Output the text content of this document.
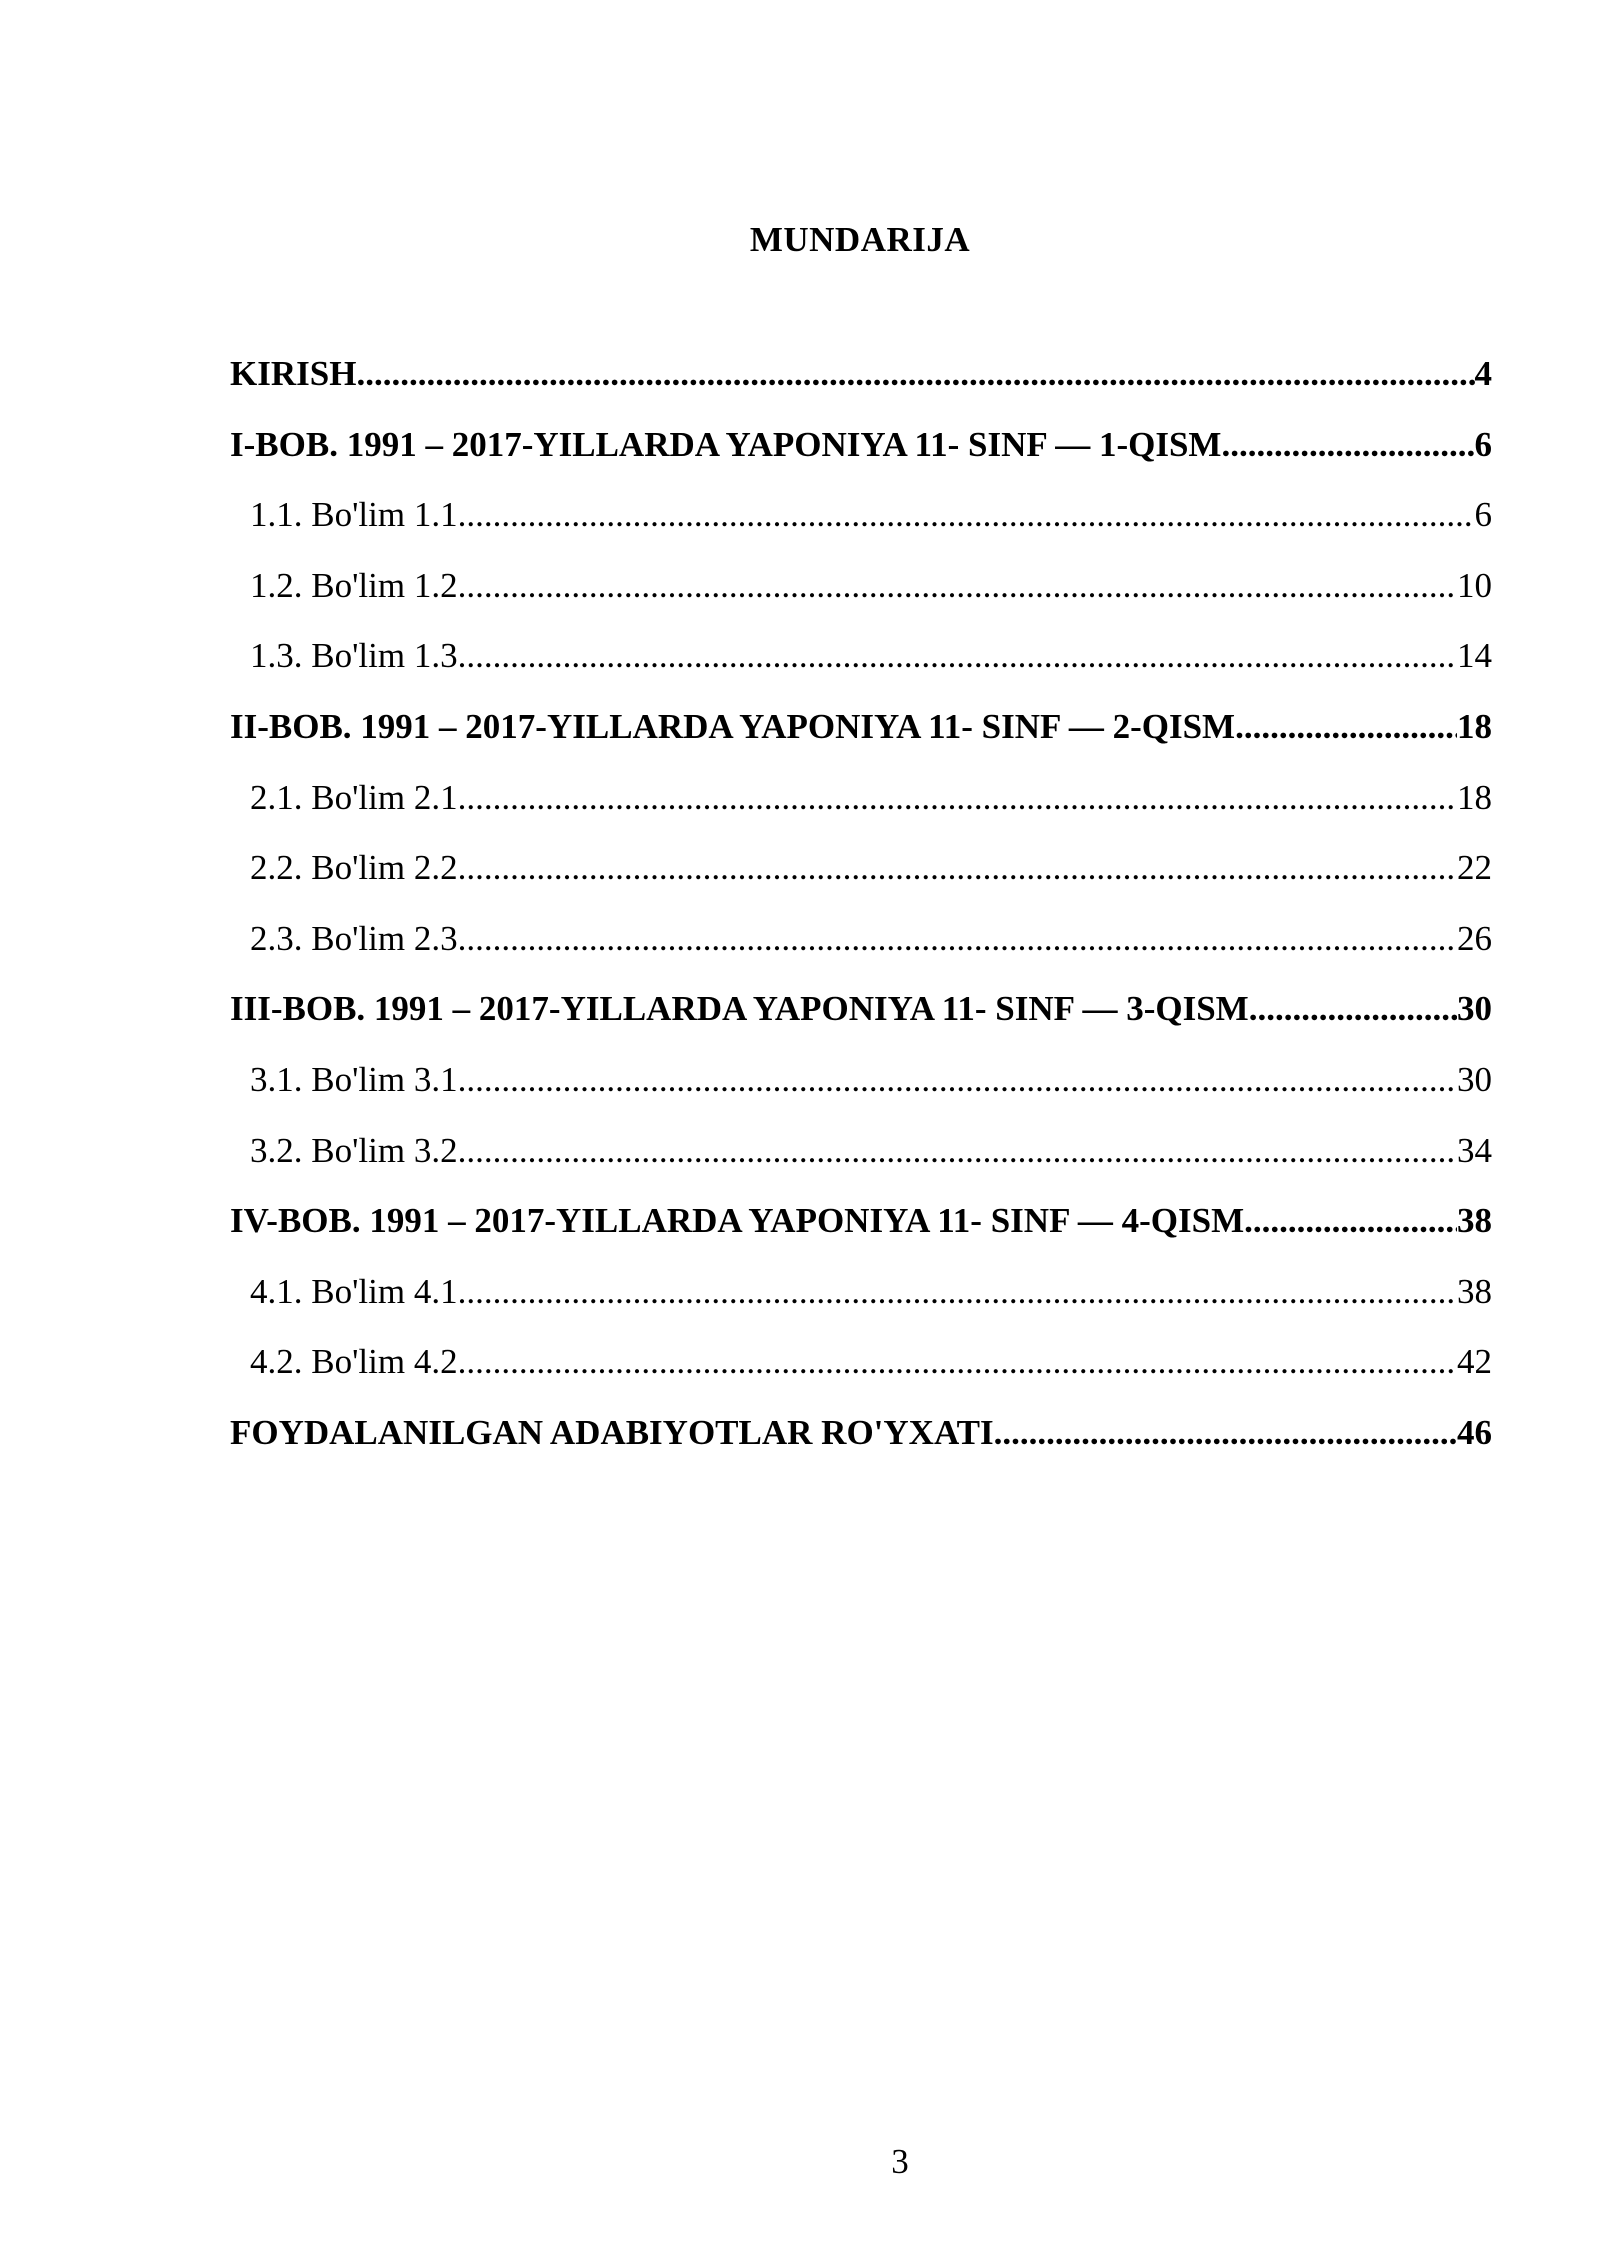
MUNDARIJA
KIRISH .....	4
I-BOB. 1991 – 2017-YILLARDA YAPONIYA 11- SINF — 1-QISM .....	6
1.1. Bo'lim 1.1 .....	6
1.2. Bo'lim 1.2 .....	10
1.3. Bo'lim 1.3 .....	14
II-BOB. 1991 – 2017-YILLARDA YAPONIYA 11- SINF — 2-QISM .....	18
2.1. Bo'lim 2.1 .....	18
2.2. Bo'lim 2.2 .....	22
2.3. Bo'lim 2.3 .....	26
III-BOB. 1991 – 2017-YILLARDA YAPONIYA 11- SINF — 3-QISM .....	30
3.1. Bo'lim 3.1 .....	30
3.2. Bo'lim 3.2 .....	34
IV-BOB. 1991 – 2017-YILLARDA YAPONIYA 11- SINF — 4-QISM .....	38
4.1. Bo'lim 4.1 .....	38
4.2. Bo'lim 4.2 .....	42
FOYDALANILGAN ADABIYOTLAR RO'YXATI .....	46
3
